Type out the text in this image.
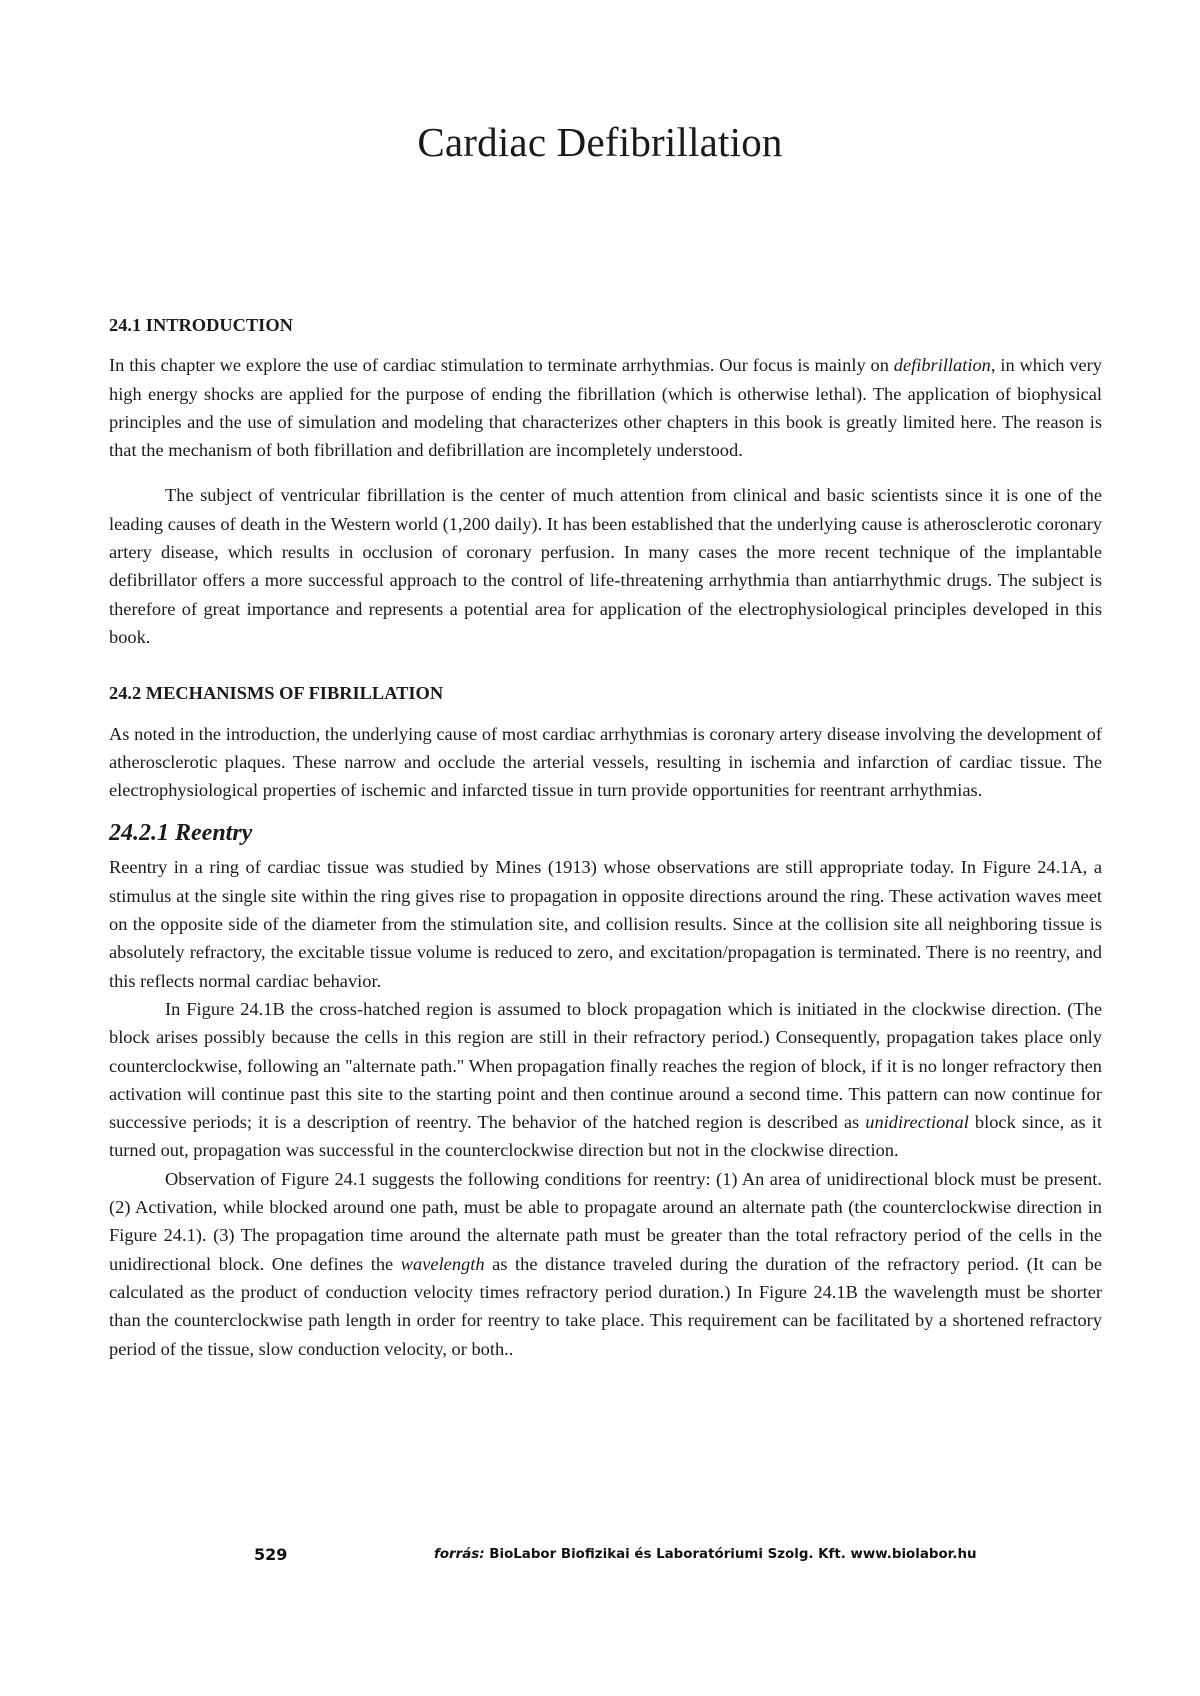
Cardiac Defibrillation
24.1 INTRODUCTION

In this chapter we explore the use of cardiac stimulation to terminate arrhythmias. Our focus is mainly on defibrillation, in which very high energy shocks are applied for the purpose of ending the fibrillation (which is otherwise lethal). The application of biophysical principles and the use of simulation and modeling that characterizes other chapters in this book is greatly limited here. The reason is that the mechanism of both fibrillation and defibrillation are incompletely understood.

The subject of ventricular fibrillation is the center of much attention from clinical and basic scientists since it is one of the leading causes of death in the Western world (1,200 daily). It has been established that the underlying cause is atherosclerotic coronary artery disease, which results in occlusion of coronary perfusion. In many cases the more recent technique of the implantable defibrillator offers a more successful approach to the control of life-threatening arrhythmia than antiarrhythmic drugs. The subject is therefore of great importance and represents a potential area for application of the electrophysiological principles developed in this book.

24.2 MECHANISMS OF FIBRILLATION

As noted in the introduction, the underlying cause of most cardiac arrhythmias is coronary artery disease involving the development of atherosclerotic plaques. These narrow and occlude the arterial vessels, resulting in ischemia and infarction of cardiac tissue. The electrophysiological properties of ischemic and infarcted tissue in turn provide opportunities for reentrant arrhythmias.

24.2.1 Reentry

Reentry in a ring of cardiac tissue was studied by Mines (1913) whose observations are still appropriate today. In Figure 24.1A, a stimulus at the single site within the ring gives rise to propagation in opposite directions around the ring. These activation waves meet on the opposite side of the diameter from the stimulation site, and collision results. Since at the collision site all neighboring tissue is absolutely refractory, the excitable tissue volume is reduced to zero, and excitation/propagation is terminated. There is no reentry, and this reflects normal cardiac behavior.

In Figure 24.1B the cross-hatched region is assumed to block propagation which is initiated in the clockwise direction. (The block arises possibly because the cells in this region are still in their refractory period.) Consequently, propagation takes place only counterclockwise, following an "alternate path." When propagation finally reaches the region of block, if it is no longer refractory then activation will continue past this site to the starting point and then continue around a second time. This pattern can now continue for successive periods; it is a description of reentry. The behavior of the hatched region is described as unidirectional block since, as it turned out, propagation was successful in the counterclockwise direction but not in the clockwise direction.

Observation of Figure 24.1 suggests the following conditions for reentry: (1) An area of unidirectional block must be present. (2) Activation, while blocked around one path, must be able to propagate around an alternate path (the counterclockwise direction in Figure 24.1). (3) The propagation time around the alternate path must be greater than the total refractory period of the cells in the unidirectional block. One defines the wavelength as the distance traveled during the duration of the refractory period. (It can be calculated as the product of conduction velocity times refractory period duration.) In Figure 24.1B the wavelength must be shorter than the counterclockwise path length in order for reentry to take place. This requirement can be facilitated by a shortened refractory period of the tissue, slow conduction velocity, or both..

529	forrás: BioLabor Biofizikai és Laboratóriumi Szolg. Kft. www.biolabor.hu
